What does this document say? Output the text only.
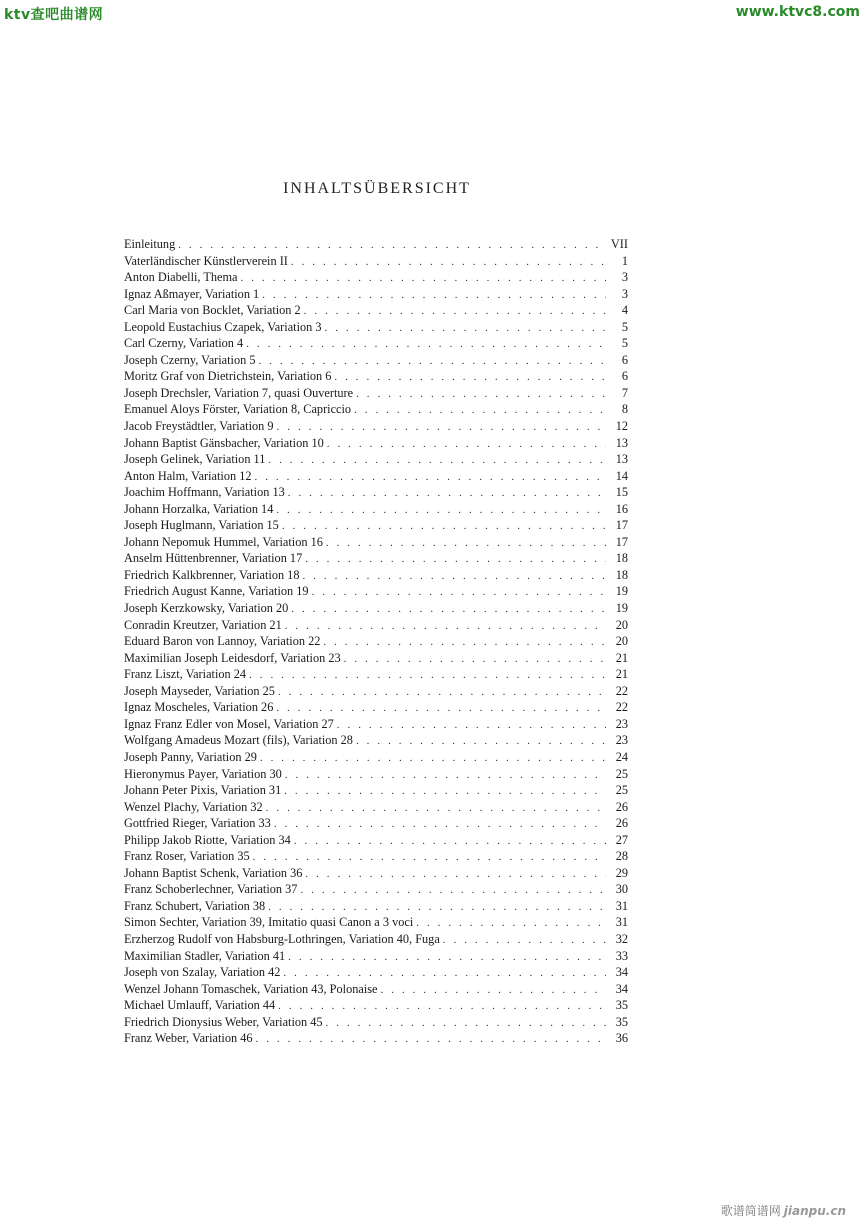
ktv查吧曲谱网	www.ktvc8.com
INHALTSÜBERSICHT
Einleitung . . .	VII
Vaterländischer Künstlerverein II . . .	1
Anton Diabelli, Thema . . .	3
Ignaz Aßmayer, Variation 1 . . .	3
Carl Maria von Bocklet, Variation 2 . . .	4
Leopold Eustachius Czapek, Variation 3 . . .	5
Carl Czerny, Variation 4 . . .	5
Joseph Czerny, Variation 5 . . .	6
Moritz Graf von Dietrichstein, Variation 6 . . .	6
Joseph Drechsler, Variation 7, quasi Ouverture . . .	7
Emanuel Aloys Förster, Variation 8, Capriccio . . .	8
Jacob Freystädtler, Variation 9 . . .	12
Johann Baptist Gänsbacher, Variation 10 . . .	13
Joseph Gelinek, Variation 11 . . .	13
Anton Halm, Variation 12 . . .	14
Joachim Hoffmann, Variation 13 . . .	15
Johann Horzalka, Variation 14 . . .	16
Joseph Huglmann, Variation 15 . . .	17
Johann Nepomuk Hummel, Variation 16 . . .	17
Anselm Hüttenbrenner, Variation 17 . . .	18
Friedrich Kalkbrenner, Variation 18 . . .	18
Friedrich August Kanne, Variation 19 . . .	19
Joseph Kerzkowsky, Variation 20 . . .	19
Conradin Kreutzer, Variation 21 . . .	20
Eduard Baron von Lannoy, Variation 22 . . .	20
Maximilian Joseph Leidesdorf, Variation 23 . . .	21
Franz Liszt, Variation 24 . . .	21
Joseph Mayseder, Variation 25 . . .	22
Ignaz Moscheles, Variation 26 . . .	22
Ignaz Franz Edler von Mosel, Variation 27 . . .	23
Wolfgang Amadeus Mozart (fils), Variation 28 . . .	23
Joseph Panny, Variation 29 . . .	24
Hieronymus Payer, Variation 30 . . .	25
Johann Peter Pixis, Variation 31 . . .	25
Wenzel Plachy, Variation 32 . . .	26
Gottfried Rieger, Variation 33 . . .	26
Philipp Jakob Riotte, Variation 34 . . .	27
Franz Roser, Variation 35 . . .	28
Johann Baptist Schenk, Variation 36 . . .	29
Franz Schoberlechner, Variation 37 . . .	30
Franz Schubert, Variation 38 . . .	31
Simon Sechter, Variation 39, Imitatio quasi Canon a 3 voci . . .	31
Erzherzog Rudolf von Habsburg-Lothringen, Variation 40, Fuga . . .	32
Maximilian Stadler, Variation 41 . . .	33
Joseph von Szalay, Variation 42 . . .	34
Wenzel Johann Tomaschek, Variation 43, Polonaise . . .	34
Michael Umlauff, Variation 44 . . .	35
Friedrich Dionysius Weber, Variation 45 . . .	35
Franz Weber, Variation 46 . . .	36
歌谱简谱网 jianpu.cn
